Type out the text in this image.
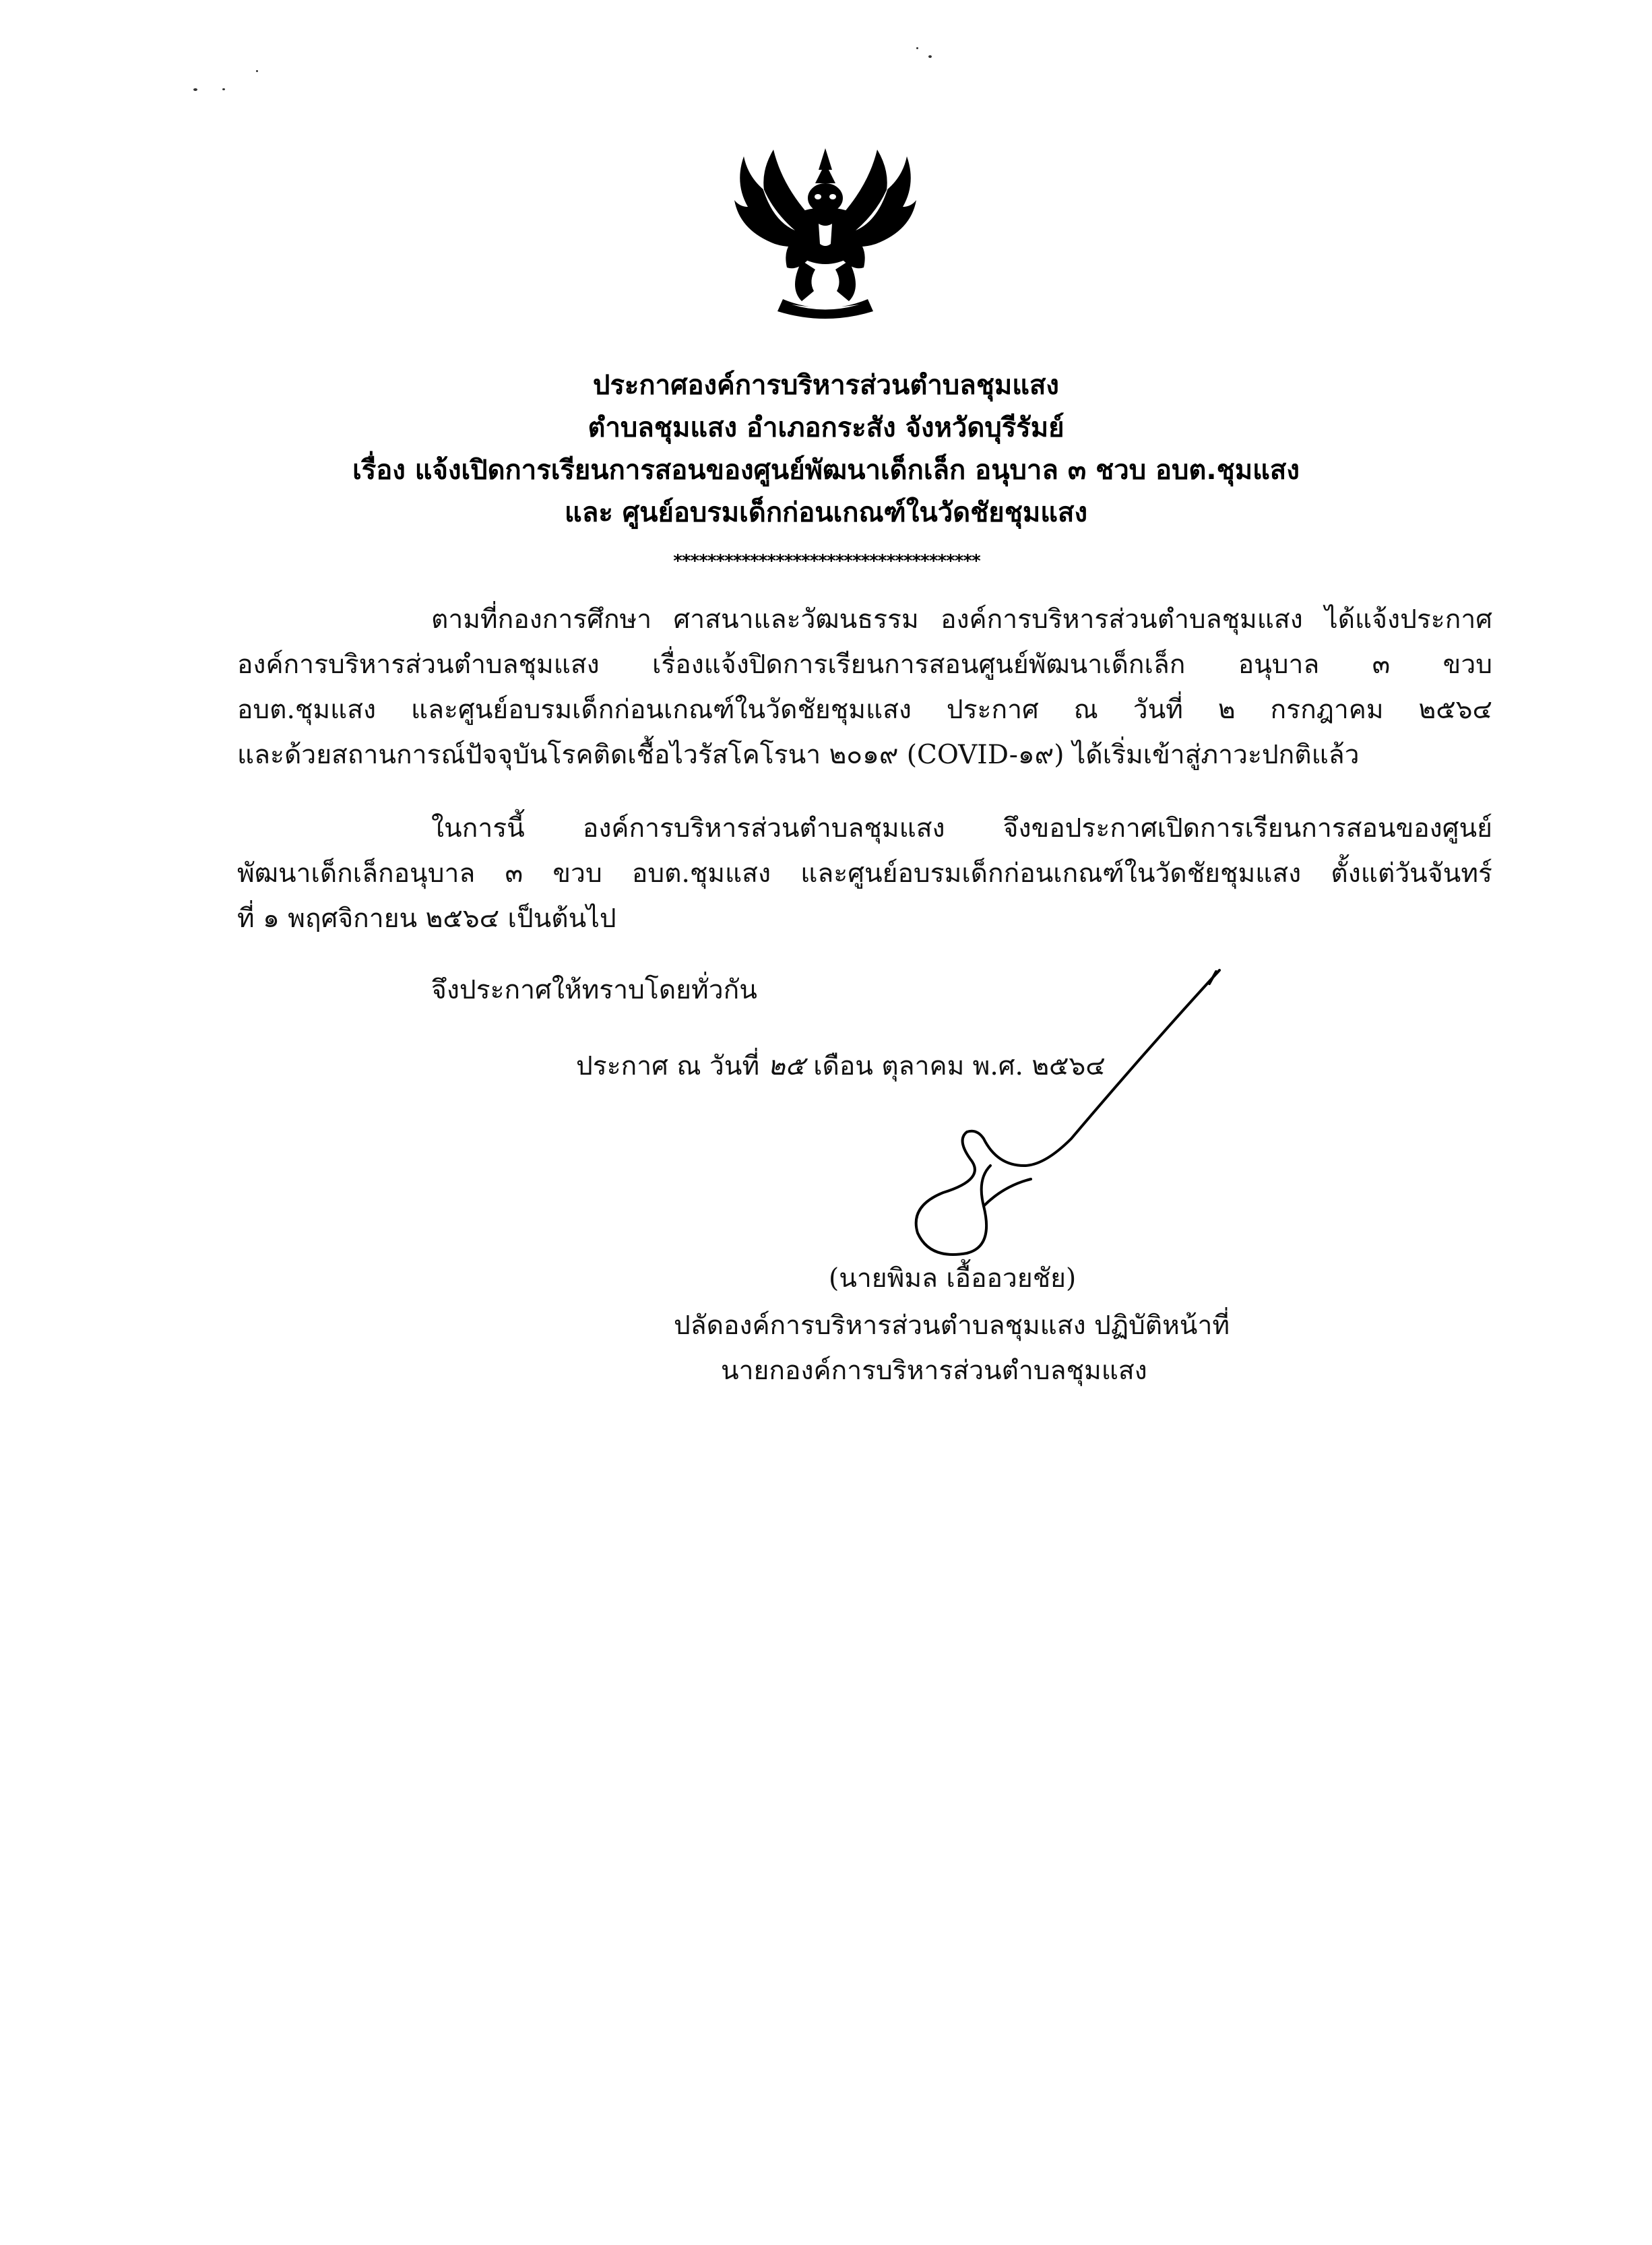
ประกาศองค์การบริหารส่วนตำบลชุมแสง

ตำบลชุมแสง อำเภอกระสัง จังหวัดบุรีรัมย์

เรื่อง แจ้งเปิดการเรียนการสอนของศูนย์พัฒนาเด็กเล็ก อนุบาล ๓ ชวบ อบต.ชุมแสง

และ ศูนย์อบรมเด็กก่อนเกณฑ์ในวัดชัยชุมแสง

************************************

ตามที่กองการศึกษา ศาสนาและวัฒนธรรม องค์การบริหารส่วนตำบลชุมแสง ได้แจ้งประกาศ

องค์การบริหารส่วนตำบลชุมแสง เรื่องแจ้งปิดการเรียนการสอนศูนย์พัฒนาเด็กเล็ก อนุบาล ๓ ขวบ

อบต.ชุมแสง และศูนย์อบรมเด็กก่อนเกณฑ์ในวัดชัยชุมแสง ประกาศ ณ วันที่ ๒ กรกฎาคม ๒๕๖๔

และด้วยสถานการณ์ปัจจุบันโรคติดเชื้อไวรัสโคโรนา ๒๐๑๙ (COVID-๑๙) ได้เริ่มเข้าสู่ภาวะปกติแล้ว

ในการนี้ องค์การบริหารส่วนตำบลชุมแสง จึงขอประกาศเปิดการเรียนการสอนของศูนย์

พัฒนาเด็กเล็กอนุบาล ๓ ขวบ อบต.ชุมแสง และศูนย์อบรมเด็กก่อนเกณฑ์ในวัดชัยชุมแสง ตั้งแต่วันจันทร์

ที่ ๑ พฤศจิกายน ๒๕๖๔ เป็นต้นไป

จึงประกาศให้ทราบโดยทั่วกัน

ประกาศ ณ วันที่ ๒๕ เดือน ตุลาคม พ.ศ. ๒๕๖๔

(นายพิมล เอื้ออวยชัย)

ปลัดองค์การบริหารส่วนตำบลชุมแสง ปฏิบัติหน้าที่

นายกองค์การบริหารส่วนตำบลชุมแสง
